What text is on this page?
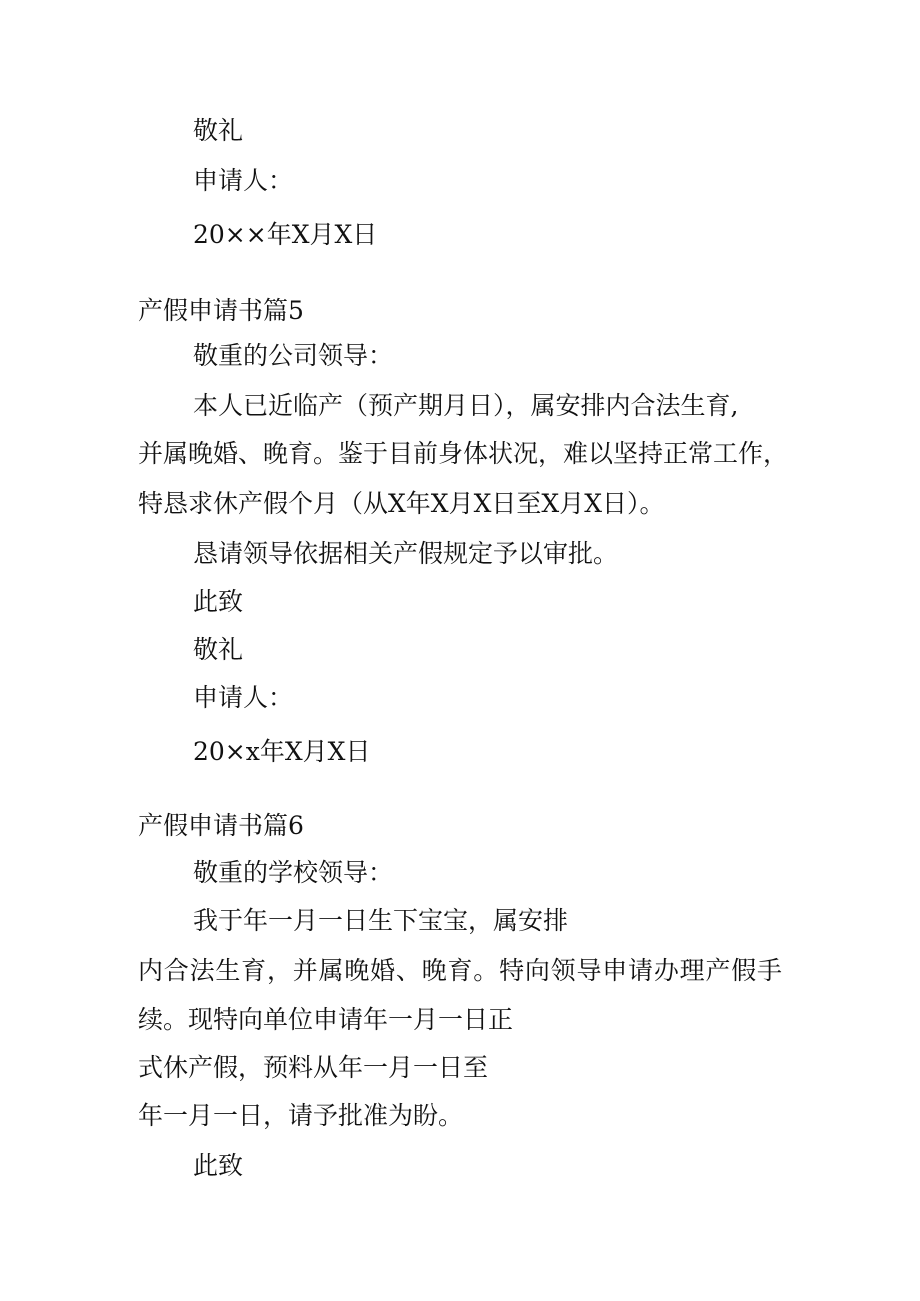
敬礼

申请人：

20××年X月X日

产假申请书篇5

敬重的公司领导：

本人已近临产（预产期月日），属安排内合法生育,

并属晚婚、晚育。鉴于目前身体状况，难以坚持正常工作，

特恳求休产假个月（从X年X月X日至X月X日）。

恳请领导依据相关产假规定予以审批。

此致

敬礼

申请人：

20×x年X月X日

产假申请书篇6

敬重的学校领导：

我于年一月一日生下宝宝，属安排

内合法生育，并属晚婚、晚育。特向领导申请办理产假手

续。现特向单位申请年一月一日正

式休产假，预料从年一月一日至

年一月一日，请予批准为盼。

此致
